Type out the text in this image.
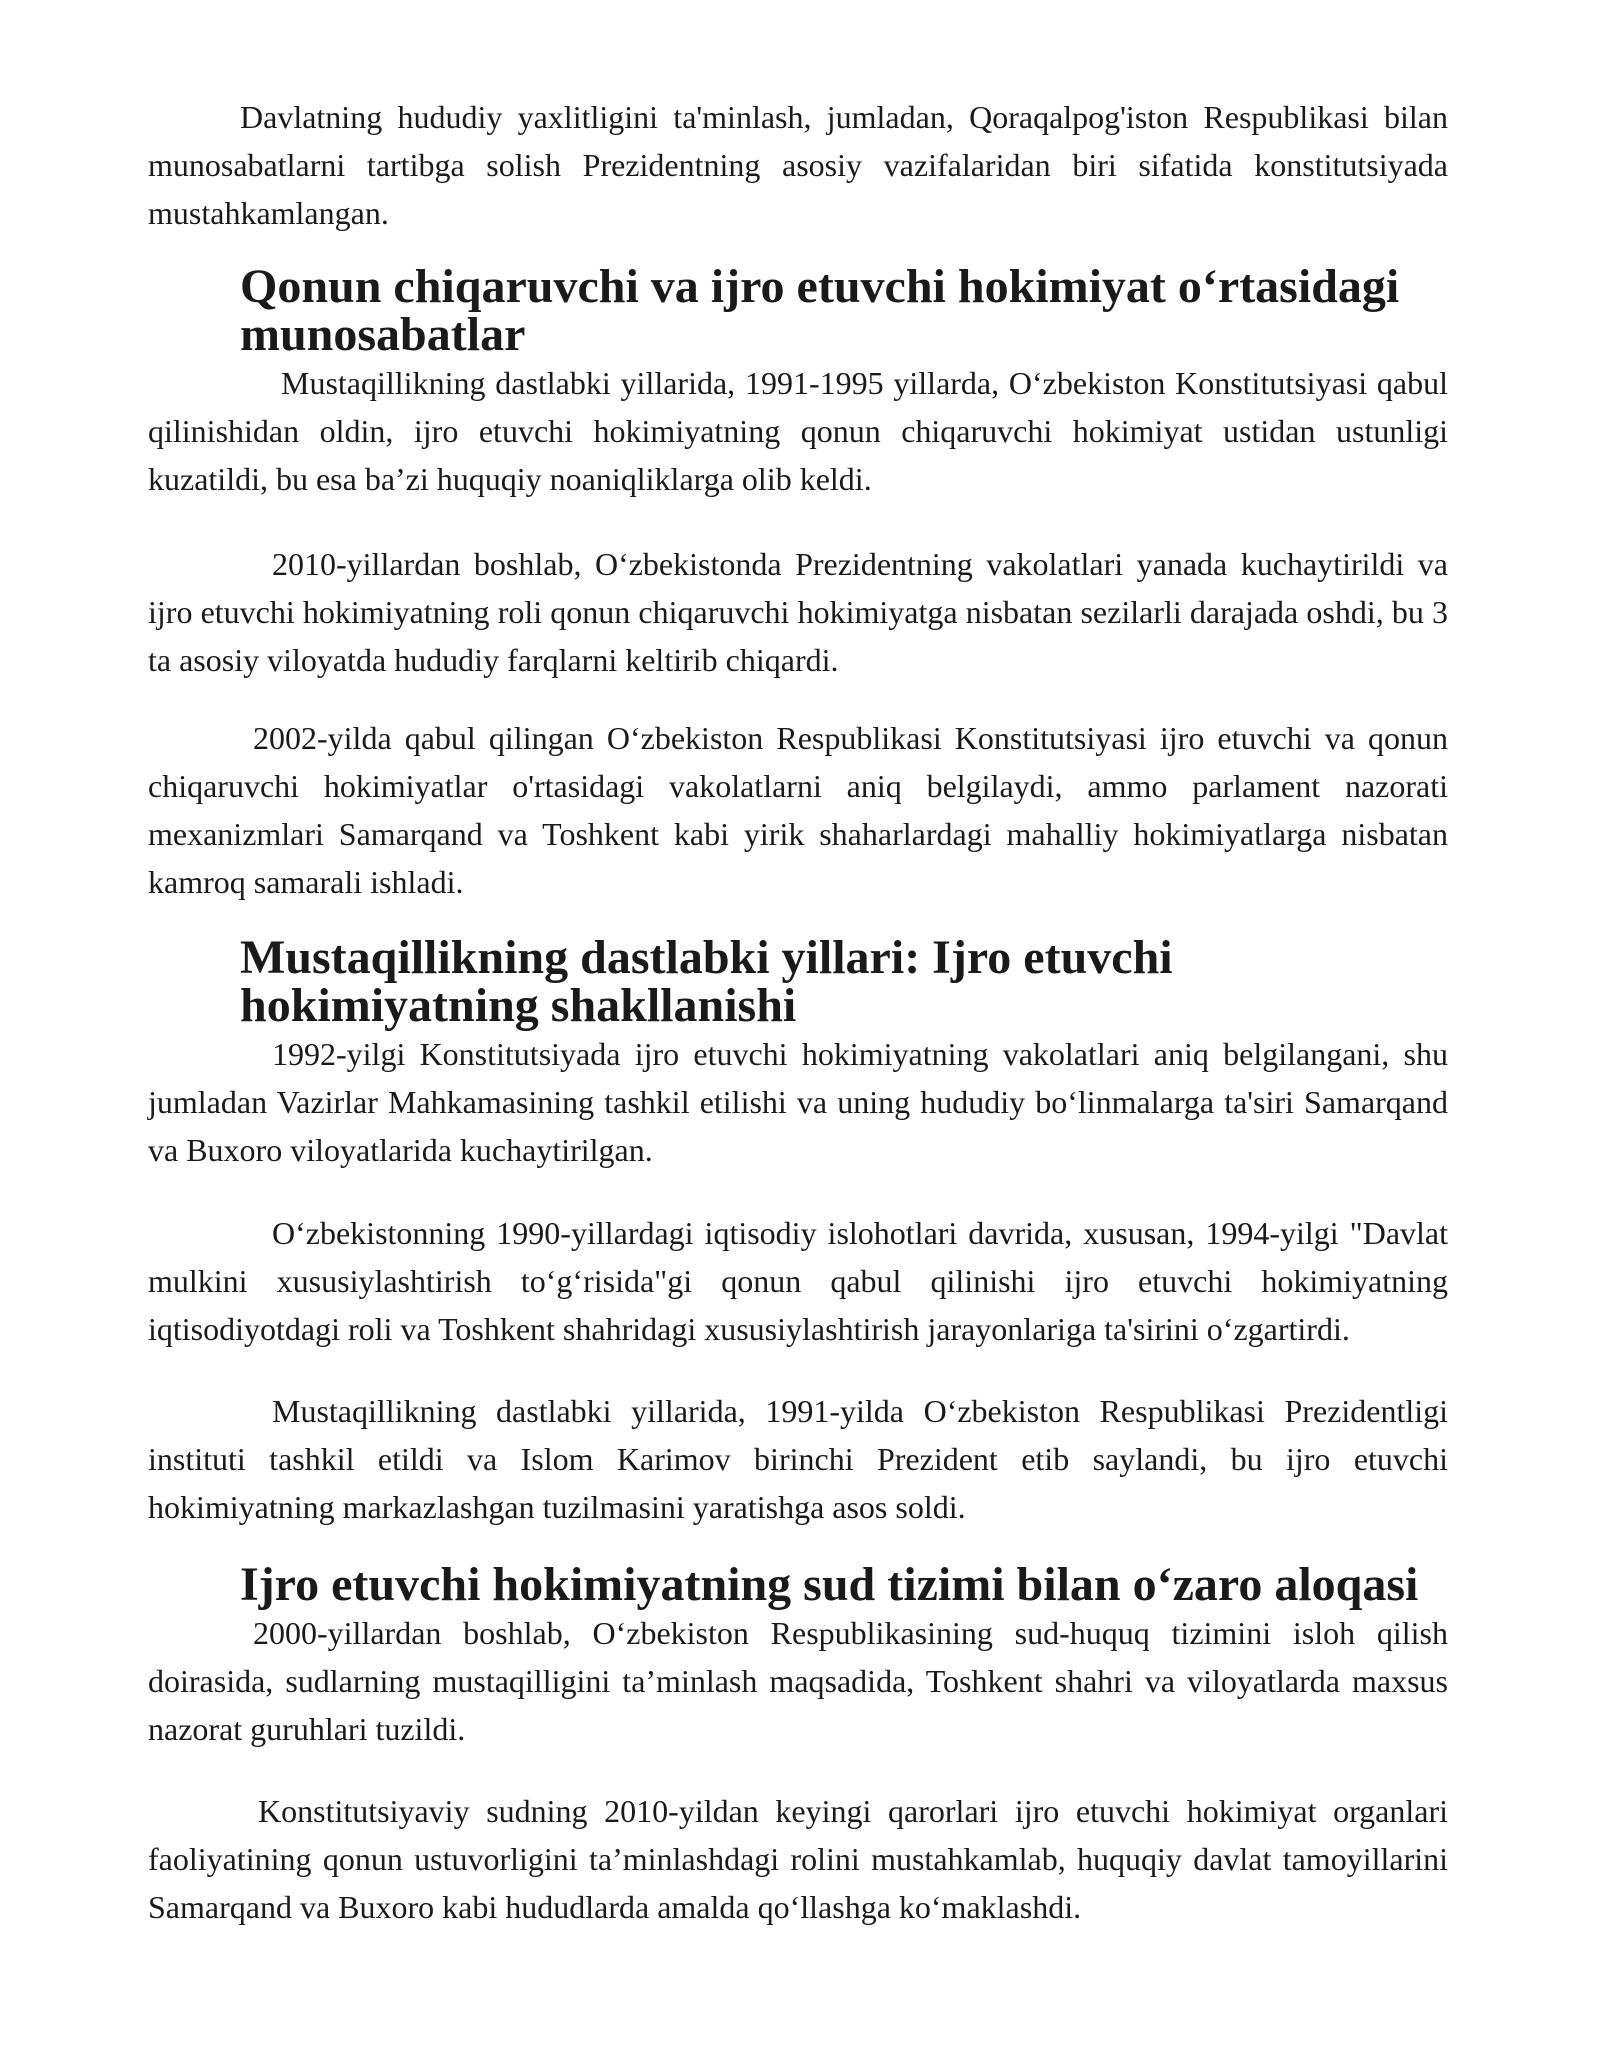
Davlatning hududiy yaxlitligini ta'minlash, jumladan, Qoraqalpog'iston Respublikasi bilan munosabatlarni tartibga solish Prezidentning asosiy vazifalaridan biri sifatida konstitutsiyada mustahkamlangan.

Qonun chiqaruvchi va ijro etuvchi hokimiyat o‘rtasidagi munosabatlar

Mustaqillikning dastlabki yillarida, 1991-1995 yillarda, O‘zbekiston Konstitutsiyasi qabul qilinishidan oldin, ijro etuvchi hokimiyatning qonun chiqaruvchi hokimiyat ustidan ustunligi kuzatildi, bu esa ba’zi huquqiy noaniqliklarga olib keldi.

2010-yillardan boshlab, O‘zbekistonda Prezidentning vakolatlari yanada kuchaytirildi va ijro etuvchi hokimiyatning roli qonun chiqaruvchi hokimiyatga nisbatan sezilarli darajada oshdi, bu 3 ta asosiy viloyatda hududiy farqlarni keltirib chiqardi.

2002-yilda qabul qilingan O‘zbekiston Respublikasi Konstitutsiyasi ijro etuvchi va qonun chiqaruvchi hokimiyatlar o'rtasidagi vakolatlarni aniq belgilaydi, ammo parlament nazorati mexanizmlari Samarqand va Toshkent kabi yirik shaharlardagi mahalliy hokimiyatlarga nisbatan kamroq samarali ishladi.

Mustaqillikning dastlabki yillari: Ijro etuvchi hokimiyatning shakllanishi

1992-yilgi Konstitutsiyada ijro etuvchi hokimiyatning vakolatlari aniq belgilangani, shu jumladan Vazirlar Mahkamasining tashkil etilishi va uning hududiy bo‘linmalarga ta'siri Samarqand va Buxoro viloyatlarida kuchaytirilgan.

O‘zbekistonning 1990-yillardagi iqtisodiy islohotlari davrida, xususan, 1994-yilgi "Davlat mulkini xususiylashtirish to‘g‘risida"gi qonun qabul qilinishi ijro etuvchi hokimiyatning iqtisodiyotdagi roli va Toshkent shahridagi xususiylashtirish jarayonlariga ta'sirini o‘zgartirdi.

Mustaqillikning dastlabki yillarida, 1991-yilda O‘zbekiston Respublikasi Prezidentligi instituti tashkil etildi va Islom Karimov birinchi Prezident etib saylandi, bu ijro etuvchi hokimiyatning markazlashgan tuzilmasini yaratishga asos soldi.

Ijro etuvchi hokimiyatning sud tizimi bilan o‘zaro aloqasi

2000-yillardan boshlab, O‘zbekiston Respublikasining sud-huquq tizimini isloh qilish doirasida, sudlarning mustaqilligini ta’minlash maqsadida, Toshkent shahri va viloyatlarda maxsus nazorat guruhlari tuzildi.

Konstitutsiyaviy sudning 2010-yildan keyingi qarorlari ijro etuvchi hokimiyat organlari faoliyatining qonun ustuvorligini ta’minlashdagi rolini mustahkamlab, huquqiy davlat tamoyillarini Samarqand va Buxoro kabi hududlarda amalda qo‘llashga ko‘maklashdi.
